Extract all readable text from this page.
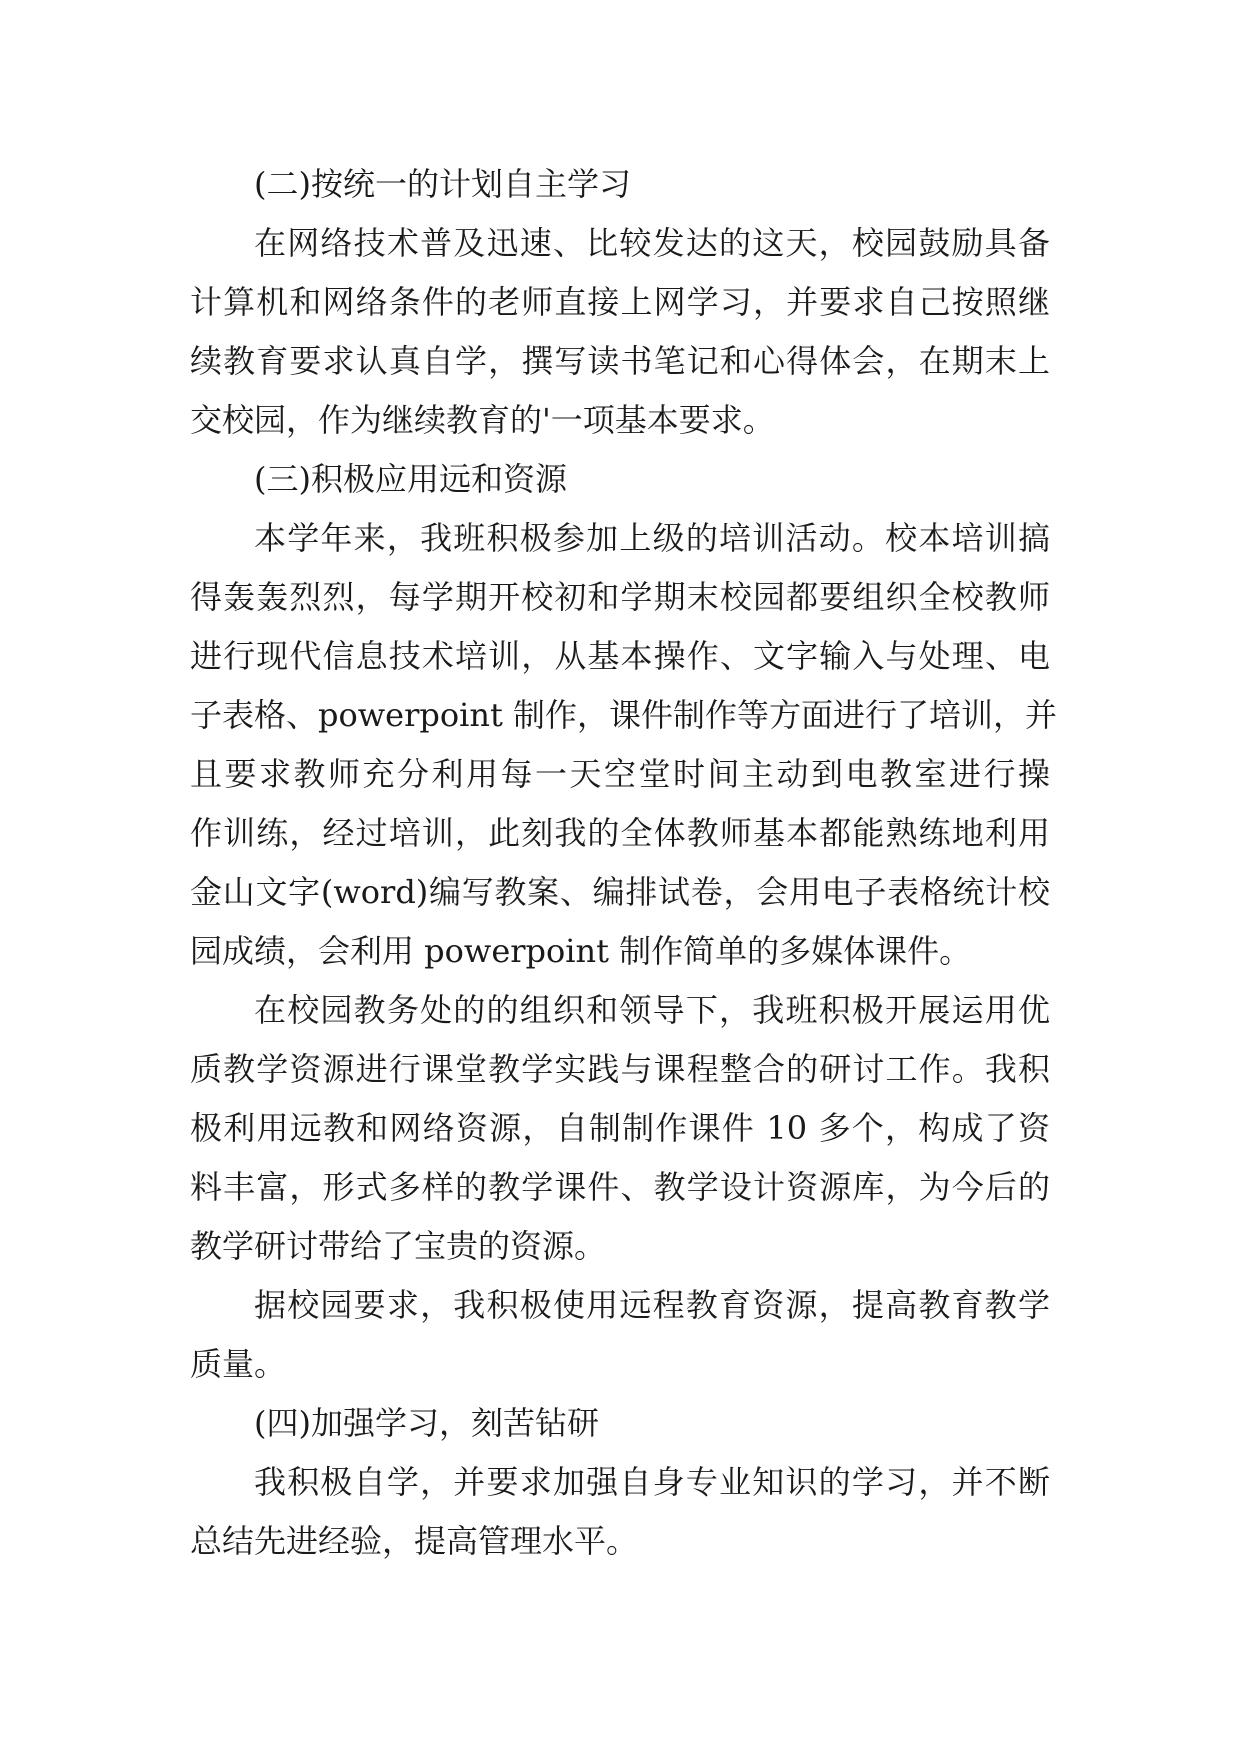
(二)按统一的计划自主学习
在网络技术普及迅速、比较发达的这天，校园鼓励具备
计算机和网络条件的老师直接上网学习，并要求自己按照继
续教育要求认真自学，撰写读书笔记和心得体会，在期末上
交校园，作为继续教育的'一项基本要求。
(三)积极应用远和资源
本学年来，我班积极参加上级的培训活动。校本培训搞
得轰轰烈烈，每学期开校初和学期末校园都要组织全校教师
进行现代信息技术培训，从基本操作、文字输入与处理、电
子表格、powerpoint 制作，课件制作等方面进行了培训，并
且要求教师充分利用每一天空堂时间主动到电教室进行操
作训练，经过培训，此刻我的全体教师基本都能熟练地利用
金山文字(word)编写教案、编排试卷，会用电子表格统计校
园成绩，会利用 powerpoint 制作简单的多媒体课件。
在校园教务处的的组织和领导下，我班积极开展运用优
质教学资源进行课堂教学实践与课程整合的研讨工作。我积
极利用远教和网络资源，自制制作课件 10 多个，构成了资
料丰富，形式多样的教学课件、教学设计资源库，为今后的
教学研讨带给了宝贵的资源。
据校园要求，我积极使用远程教育资源，提高教育教学
质量。
(四)加强学习，刻苦钻研
我积极自学，并要求加强自身专业知识的学习，并不断
总结先进经验，提高管理水平。
